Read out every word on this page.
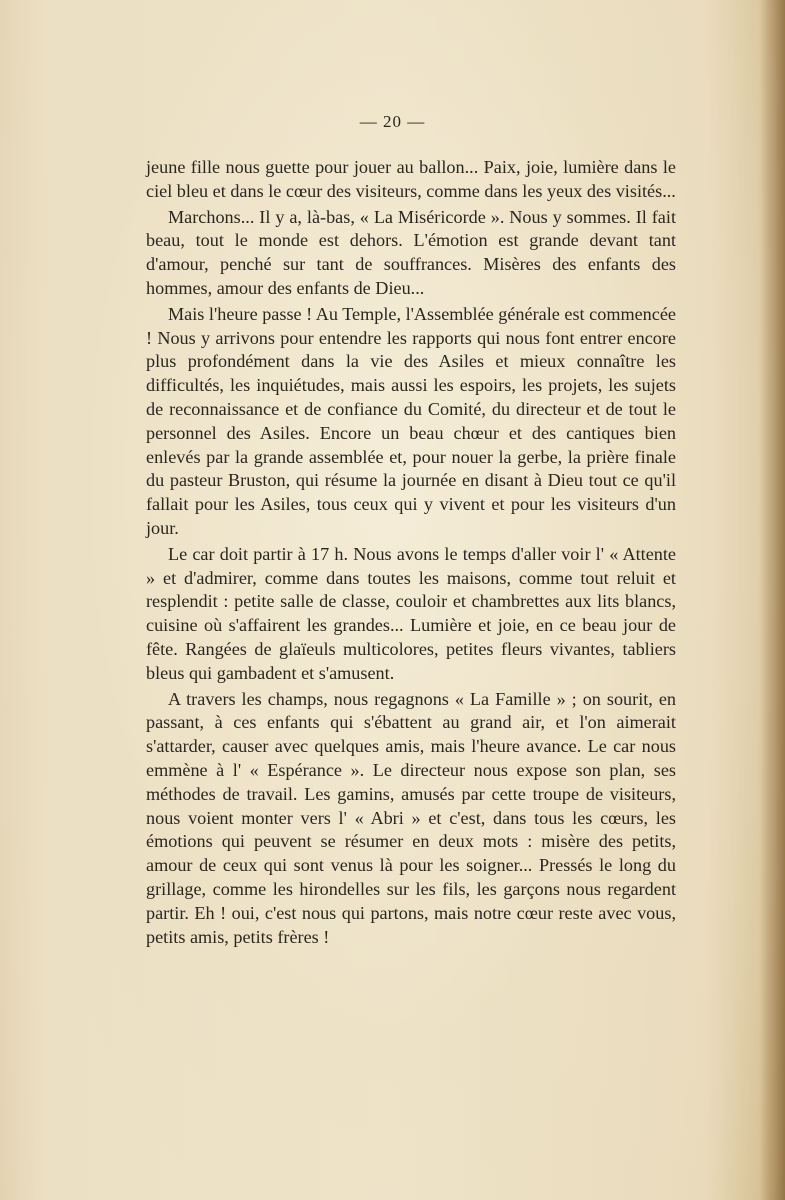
— 20 —

jeune fille nous guette pour jouer au ballon... Paix, joie, lumière dans le ciel bleu et dans le cœur des visiteurs, comme dans les yeux des visités...

Marchons... Il y a, là-bas, « La Miséricorde ». Nous y sommes. Il fait beau, tout le monde est dehors. L'émotion est grande devant tant d'amour, penché sur tant de souffrances. Misères des enfants des hommes, amour des enfants de Dieu...

Mais l'heure passe ! Au Temple, l'Assemblée générale est commencée ! Nous y arrivons pour entendre les rapports qui nous font entrer encore plus profondément dans la vie des Asiles et mieux connaître les difficultés, les inquiétudes, mais aussi les espoirs, les projets, les sujets de reconnaissance et de confiance du Comité, du directeur et de tout le personnel des Asiles. Encore un beau chœur et des cantiques bien enlevés par la grande assemblée et, pour nouer la gerbe, la prière finale du pasteur Bruston, qui résume la journée en disant à Dieu tout ce qu'il fallait pour les Asiles, tous ceux qui y vivent et pour les visiteurs d'un jour.

Le car doit partir à 17 h. Nous avons le temps d'aller voir l' « Attente » et d'admirer, comme dans toutes les maisons, comme tout reluit et resplendit : petite salle de classe, couloir et chambrettes aux lits blancs, cuisine où s'affairent les grandes... Lumière et joie, en ce beau jour de fête. Rangées de glaïeuls multicolores, petites fleurs vivantes, tabliers bleus qui gambadent et s'amusent.

A travers les champs, nous regagnons « La Famille » ; on sourit, en passant, à ces enfants qui s'ébattent au grand air, et l'on aimerait s'attarder, causer avec quelques amis, mais l'heure avance. Le car nous emmène à l' « Espérance ». Le directeur nous expose son plan, ses méthodes de travail. Les gamins, amusés par cette troupe de visiteurs, nous voient monter vers l' « Abri » et c'est, dans tous les cœurs, les émotions qui peuvent se résumer en deux mots : misère des petits, amour de ceux qui sont venus là pour les soigner... Pressés le long du grillage, comme les hirondelles sur les fils, les garçons nous regardent partir. Eh ! oui, c'est nous qui partons, mais notre cœur reste avec vous, petits amis, petits frères !
